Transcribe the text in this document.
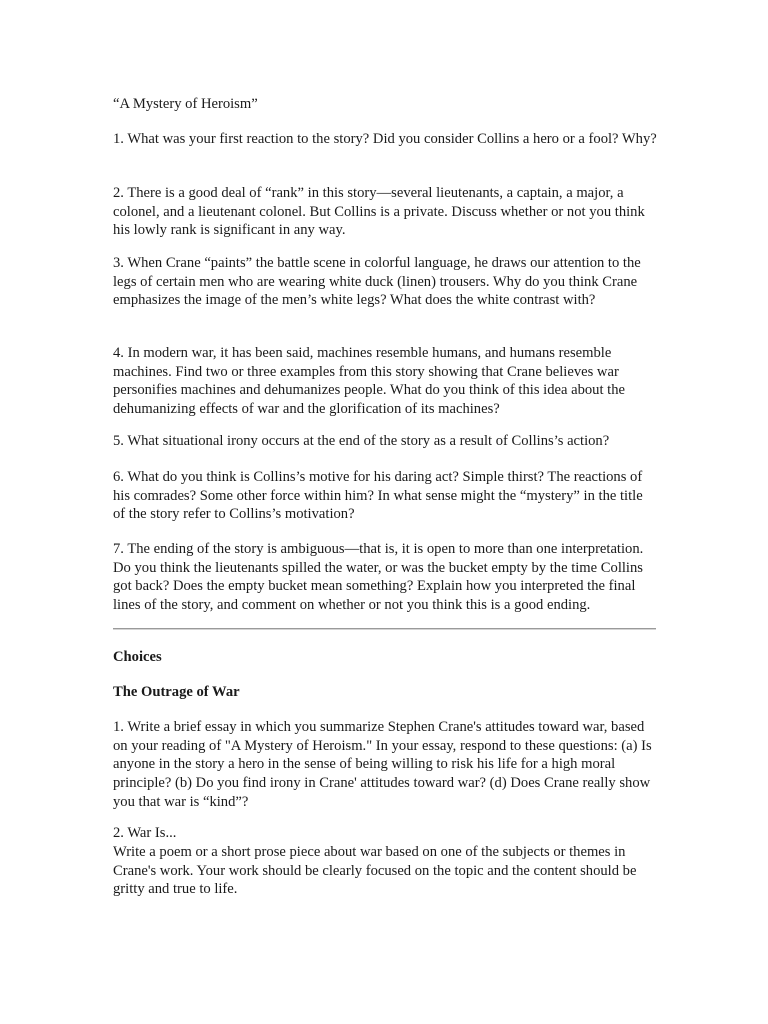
“A Mystery of Heroism”

1. What was your first reaction to the story? Did you consider Collins a hero or a fool? Why?

2. There is a good deal of “rank” in this story—several lieutenants, a captain, a major, a colonel, and a lieutenant colonel. But Collins is a private. Discuss whether or not you think his lowly rank is significant in any way.

3. When Crane “paints” the battle scene in colorful language, he draws our attention to the legs of certain men who are wearing white duck (linen) trousers. Why do you think Crane emphasizes the image of the men’s white legs? What does the white contrast with?

4. In modern war, it has been said, machines resemble humans, and humans resemble machines. Find two or three examples from this story showing that Crane believes war personifies machines and dehumanizes people. What do you think of this idea about the dehumanizing effects of war and the glorification of its machines?

5. What situational irony occurs at the end of the story as a result of Collins’s action?

6. What do you think is Collins’s motive for his daring act? Simple thirst? The reactions of his comrades? Some other force within him? In what sense might the “mystery” in the title of the story refer to Collins’s motivation?

7. The ending of the story is ambiguous—that is, it is open to more than one interpretation. Do you think the lieutenants spilled the water, or was the bucket empty by the time Collins got back? Does the empty bucket mean something? Explain how you interpreted the final lines of the story, and comment on whether or not you think this is a good ending.

Choices

The Outrage of War

1. Write a brief essay in which you summarize Stephen Crane's attitudes toward war, based on your reading of "A Mystery of Heroism." In your essay, respond to these questions: (a) Is anyone in the story a hero in the sense of being willing to risk his life for a high moral principle? (b) Do you find irony in Crane' attitudes toward war? (d) Does Crane really show you that war is “kind”?

2. War Is...

Write a poem or a short prose piece about war based on one of the subjects or themes in Crane's work. Your work should be clearly focused on the topic and the content should be gritty and true to life.
